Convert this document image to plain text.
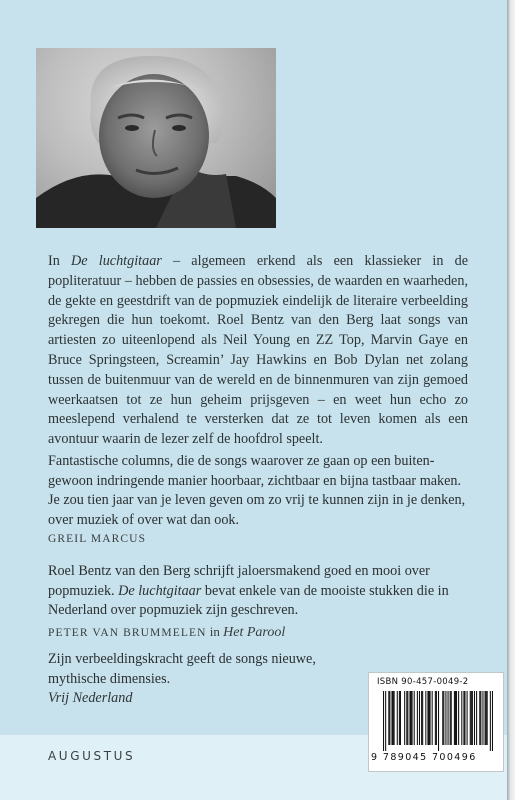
In De luchtgitaar – algemeen erkend als een klassieker in de popliteratuur – hebben de passies en obsessies, de waarden en waarheden, de gekte en geestdrift van de popmuziek eindelijk de literaire verbeelding gekregen die hun toekomt. Roel Bentz van den Berg laat songs van artiesten zo uiteenlopend als Neil Young en ZZ Top, Marvin Gaye en Bruce Springsteen, Screamin’ Jay Hawkins en Bob Dylan net zolang tussen de buitenmuur van de wereld en de binnenmuren van zijn gemoed weerkaatsen tot ze hun geheim prijsgeven – en weet hun echo zo meeslepend verhalend te versterken dat ze tot leven komen als een avontuur waarin de lezer zelf de hoofdrol speelt.
Fantastische columns, die de songs waarover ze gaan op een buitengewoon indringende manier hoorbaar, zichtbaar en bijna tastbaar maken. Je zou tien jaar van je leven geven om zo vrij te kunnen zijn in je denken, over muziek of over wat dan ook.
GREIL MARCUS
Roel Bentz van den Berg schrijft jaloersmakend goed en mooi over popmuziek. De luchtgitaar bevat enkele van de mooiste stukken die in Nederland over popmuziek zijn geschreven.
PETER VAN BRUMMELEN in Het Parool
Zijn verbeeldingskracht geeft de songs nieuwe, mythische dimensies.
Vrij Nederland
AUGUSTUS
ISBN 90-457-0049-2
9 789045 700496
